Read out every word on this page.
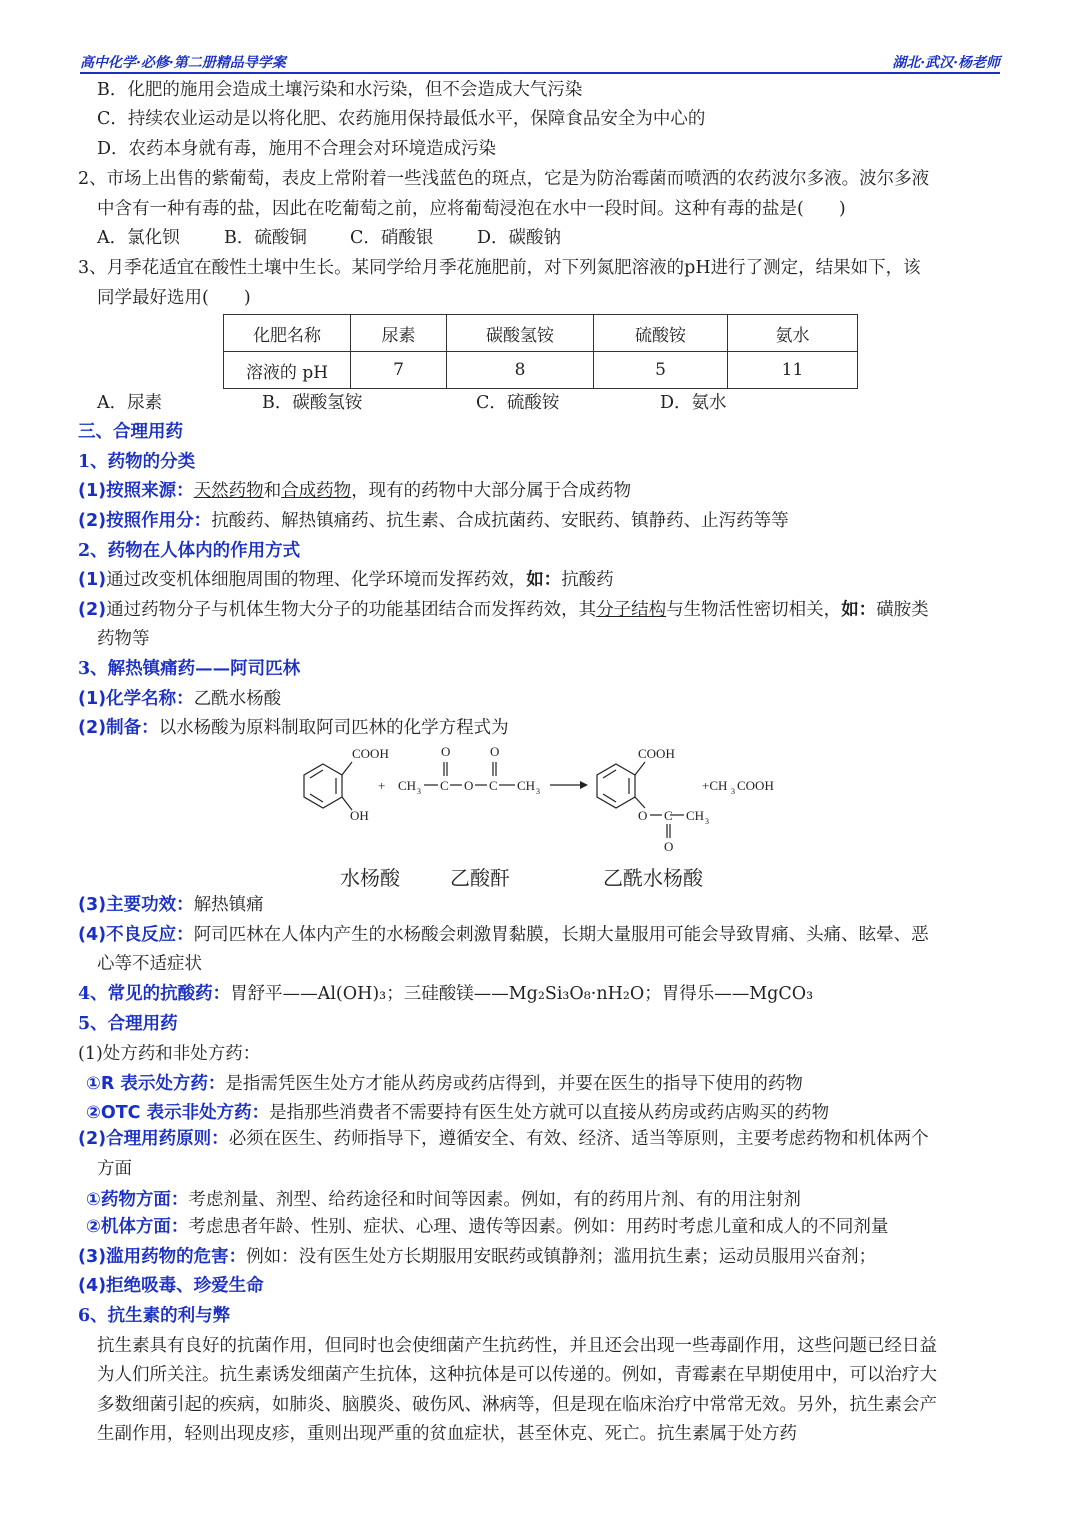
高中化学·必修·第二册精品导学案	湖北·武汉·杨老师
B．化肥的施用会造成土壤污染和水污染，但不会造成大气污染
C．持续农业运动是以将化肥、农药施用保持最低水平，保障食品安全为中心的
D．农药本身就有毒，施用不合理会对环境造成污染
2、市场上出售的紫葡萄，表皮上常附着一些浅蓝色的斑点，它是为防治霉菌而喷洒的农药波尔多液。波尔多液
中含有一种有毒的盐，因此在吃葡萄之前，应将葡萄浸泡在水中一段时间。这种有毒的盐是(　　)
A．氯化钡	B．硫酸铜	C．硝酸银	D．碳酸钠
3、月季花适宜在酸性土壤中生长。某同学给月季花施肥前，对下列氮肥溶液的pH进行了测定，结果如下，该
同学最好选用(　　)
化肥名称	尿素	碳酸氢铵	硫酸铵	氨水
溶液的 pH	7	8	5	11
A．尿素	B．碳酸氢铵	C．硫酸铵	D．氨水
三、合理用药
1、药物的分类
(1)按照来源：天然药物和合成药物，现有的药物中大部分属于合成药物
(2)按照作用分：抗酸药、解热镇痛药、抗生素、合成抗菌药、安眠药、镇静药、止泻药等等
2、药物在人体内的作用方式
(1)通过改变机体细胞周围的物理、化学环境而发挥药效，如：抗酸药
(2)通过药物分子与机体生物大分子的功能基团结合而发挥药效，其分子结构与生物活性密切相关，如：磺胺类
药物等
3、解热镇痛药——阿司匹林
(1)化学名称：乙酰水杨酸
(2)制备：以水杨酸为原料制取阿司匹林的化学方程式为
COOH
OH
+ CH 3 C
O
O C
O
CH 3
COOH
O C CH 3
O
+CH 3 COOH
水杨酸	乙酸酐	乙酰水杨酸
(3)主要功效：解热镇痛
(4)不良反应：阿司匹林在人体内产生的水杨酸会刺激胃黏膜，长期大量服用可能会导致胃痛、头痛、眩晕、恶
心等不适症状
4、常见的抗酸药：胃舒平——Al(OH)₃；三硅酸镁——Mg₂Si₃O₈·nH₂O；胃得乐——MgCO₃
5、合理用药
(1)处方药和非处方药：
①R 表示处方药：是指需凭医生处方才能从药房或药店得到，并要在医生的指导下使用的药物
②OTC 表示非处方药：是指那些消费者不需要持有医生处方就可以直接从药房或药店购买的药物
(2)合理用药原则：必须在医生、药师指导下，遵循安全、有效、经济、适当等原则，主要考虑药物和机体两个
方面
①药物方面：考虑剂量、剂型、给药途径和时间等因素。例如，有的药用片剂、有的用注射剂
②机体方面：考虑患者年龄、性别、症状、心理、遗传等因素。例如：用药时考虑儿童和成人的不同剂量
(3)滥用药物的危害：例如：没有医生处方长期服用安眠药或镇静剂；滥用抗生素；运动员服用兴奋剂；
(4)拒绝吸毒、珍爱生命
6、抗生素的利与弊
抗生素具有良好的抗菌作用，但同时也会使细菌产生抗药性，并且还会出现一些毒副作用，这些问题已经日益
为人们所关注。抗生素诱发细菌产生抗体，这种抗体是可以传递的。例如，青霉素在早期使用中，可以治疗大
多数细菌引起的疾病，如肺炎、脑膜炎、破伤风、淋病等，但是现在临床治疗中常常无效。另外，抗生素会产
生副作用，轻则出现皮疹，重则出现严重的贫血症状，甚至休克、死亡。抗生素属于处方药
